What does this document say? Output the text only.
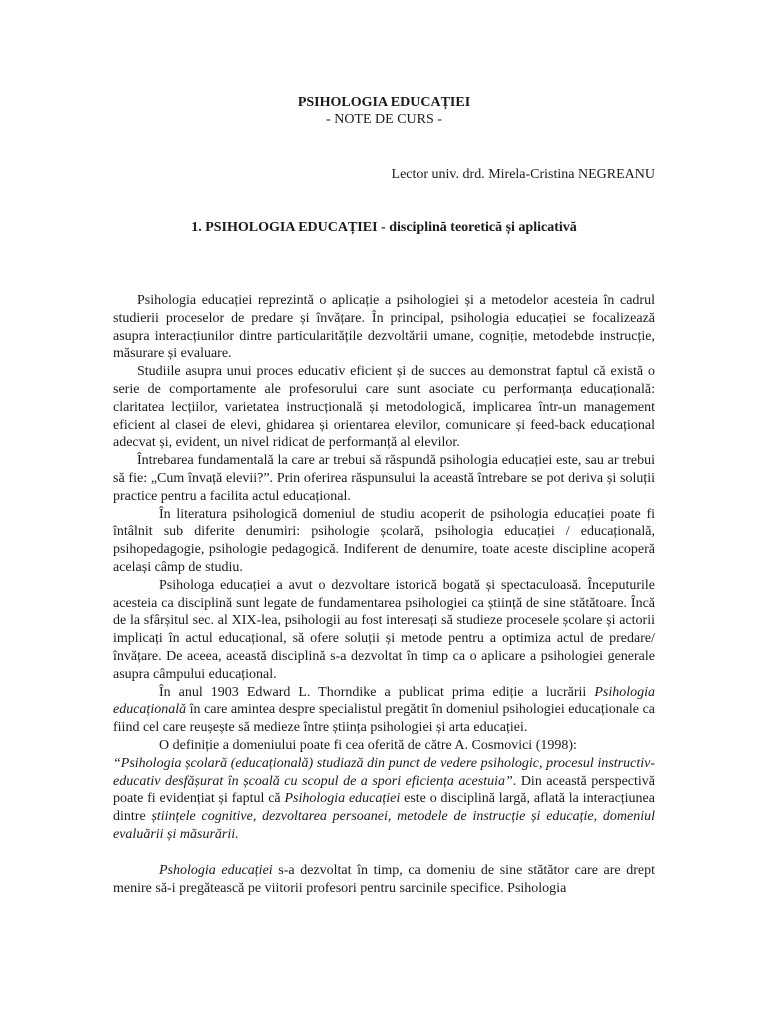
PSIHOLOGIA EDUCAȚIEI
- NOTE DE CURS -
Lector univ. drd. Mirela-Cristina NEGREANU
1. PSIHOLOGIA EDUCAȚIEI - disciplină teoretică și aplicativă

Psihologia educației reprezintă o aplicație a psihologiei și a metodelor acesteia în cadrul studierii proceselor de predare și învățare. În principal, psihologia educației se focalizează asupra interacțiunilor dintre particularitățile dezvoltării umane, cogniție, metodebde instrucție, măsurare și evaluare.

Studiile asupra unui proces educativ eficient și de succes au demonstrat faptul că există o serie de comportamente ale profesorului care sunt asociate cu performanța educațională: claritatea lecțiilor, varietatea instrucțională și metodologică, implicarea într-un management eficient al clasei de elevi, ghidarea și orientarea elevilor, comunicare și feed-back educațional adecvat și, evident, un nivel ridicat de performanță al elevilor.

Întrebarea fundamentală la care ar trebui să răspundă psihologia educației este, sau ar trebui să fie: „Cum învață elevii?”. Prin oferirea răspunsului la această întrebare se pot deriva și soluții practice pentru a facilita actul educațional.

În literatura psihologică domeniul de studiu acoperit de psihologia educației poate fi întâlnit sub diferite denumiri: psihologie școlară, psihologia educației / educațională, psihopedagogie, psihologie pedagogică. Indiferent de denumire, toate aceste discipline acoperă același câmp de studiu.

Psihologa educației a avut o dezvoltare istorică bogată și spectaculoasă. Începuturile acesteia ca disciplină sunt legate de fundamentarea psihologiei ca știință de sine stătătoare. Încă de la sfârșitul sec. al XIX-lea, psihologii au fost interesați să studieze procesele școlare și actorii implicați în actul educațional, să ofere soluții și metode pentru a optimiza actul de predare/învățare. De aceea, această disciplină s-a dezvoltat în timp ca o aplicare a psihologiei generale asupra câmpului educațional.

În anul 1903 Edward L. Thorndike a publicat prima ediție a lucrării Psihologia educațională în care amintea despre specialistul pregătit în domeniul psihologiei educaționale ca fiind cel care reușește să medieze între știința psihologiei și arta educației.

O definiție a domeniului poate fi cea oferită de către A. Cosmovici (1998):

“Psihologia școlară (educațională) studiază din punct de vedere psihologic, procesul instructiv-educativ desfășurat în școală cu scopul de a spori eficiența acestuia”. Din această perspectivă poate fi evidențiat și faptul că Psihologia educației este o disciplină largă, aflată la interacțiunea dintre științele cognitive, dezvoltarea persoanei, metodele de instrucție și educație, domeniul evaluării și măsurării.

Pshologia educației s-a dezvoltat în timp, ca domeniu de sine stătător care are drept menire să-i pregătească pe viitorii profesori pentru sarcinile specifice. Psihologia
